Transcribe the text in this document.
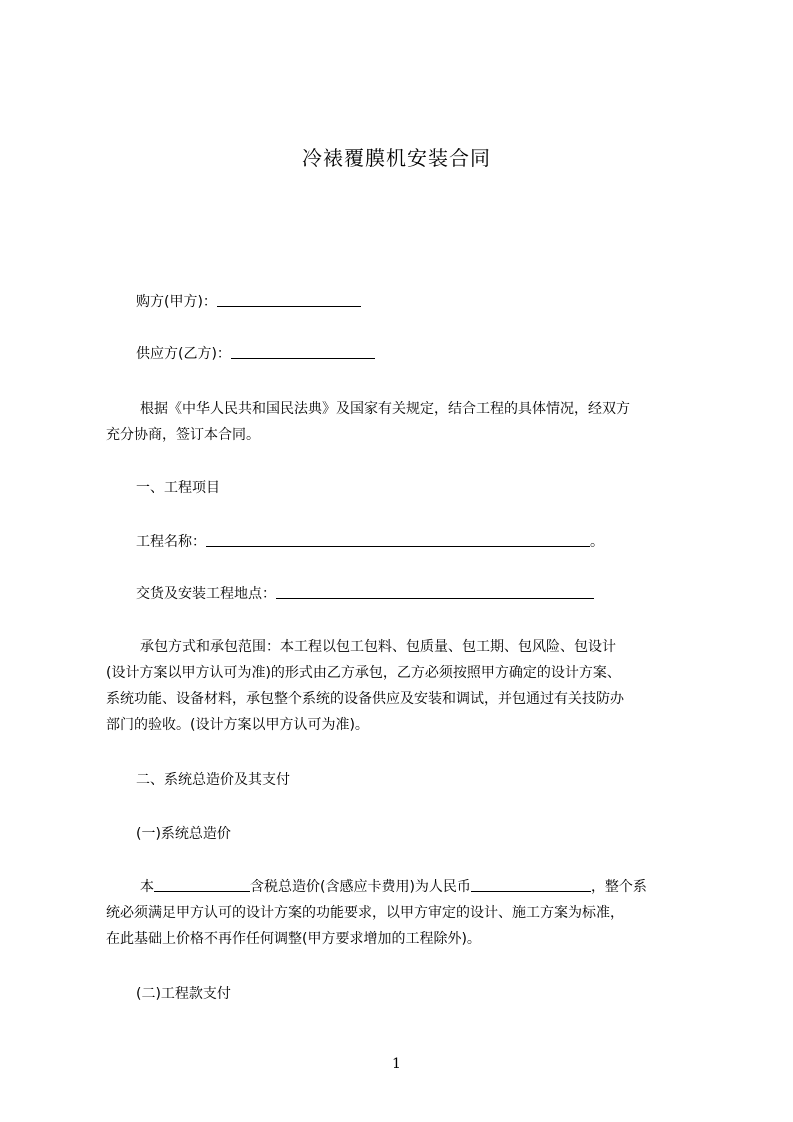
冷裱覆膜机安装合同
购方(甲方)：
供应方(乙方)：
根据《中华人民共和国民法典》及国家有关规定，结合工程的具体情况，经双方
充分协商，签订本合同。
一、工程项目
工程名称：	。
交货及安装工程地点：
承包方式和承包范围：本工程以包工包料、包质量、包工期、包风险、包设计
(设计方案以甲方认可为准)的形式由乙方承包，乙方必须按照甲方确定的设计方案、
系统功能、设备材料，承包整个系统的设备供应及安装和调试，并包通过有关技防办
部门的验收。(设计方案以甲方认可为准)。
二、系统总造价及其支付
(一)系统总造价
本	含税总造价(含感应卡费用)为人民币	，整个系
统必须满足甲方认可的设计方案的功能要求，以甲方审定的设计、施工方案为标准，
在此基础上价格不再作任何调整(甲方要求增加的工程除外)。
(二)工程款支付
1
